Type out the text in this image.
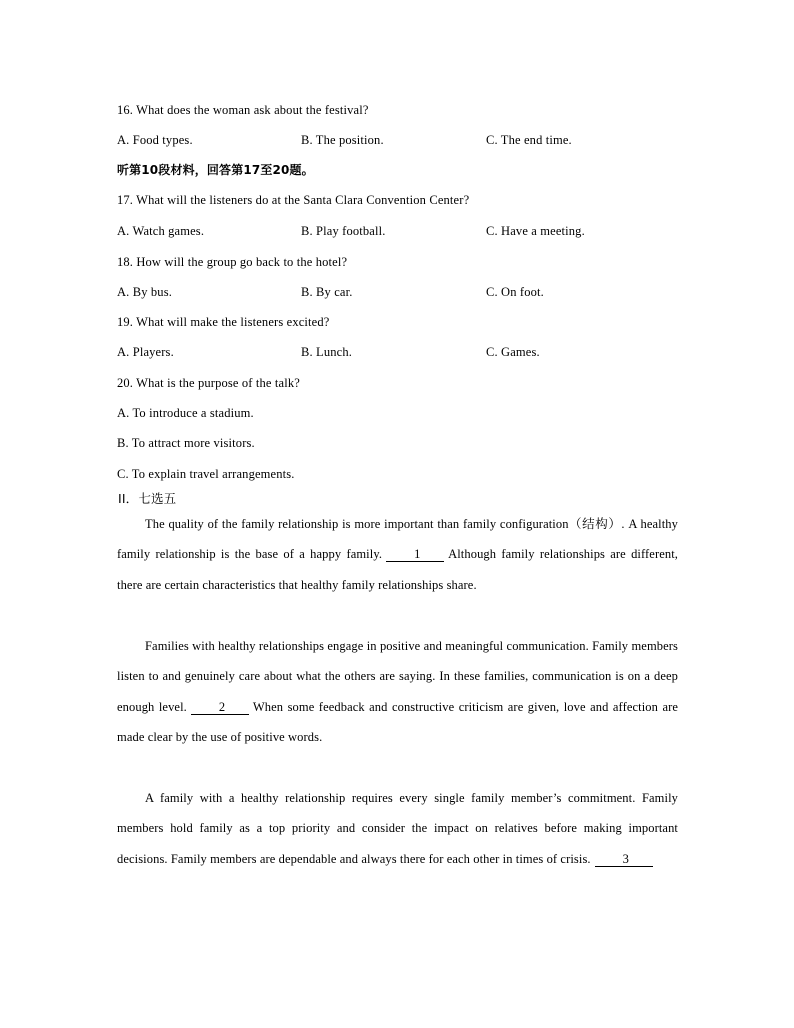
16. What does the woman ask about the festival?
A. Food types.	B. The position.	C. The end time.
听第10段材料，回答第17至20题。
17. What will the listeners do at the Santa Clara Convention Center?
A. Watch games.	B. Play football.	C. Have a meeting.
18. How will the group go back to the hotel?
A. By bus.	B. By car.	C. On foot.
19. What will make the listeners excited?
A. Players.	B. Lunch.	C. Games.
20. What is the purpose of the talk?
A. To introduce a stadium.
B. To attract more visitors.
C. To explain travel arrangements.
II．七选五
The quality of the family relationship is more important than family configuration（结构）. A healthy family relationship is the base of a happy family.	1 Although family relationships are different, there are certain characteristics that healthy family relationships share.
Families with healthy relationships engage in positive and meaningful communication. Family members listen to and genuinely care about what the others are saying. In these families, communication is on a deep enough level.	2 When some feedback and constructive criticism are given, love and affection are made clear by the use of positive words.
A family with a healthy relationship requires every single family member’s commitment. Family members hold family as a top priority and consider the impact on relatives before making important decisions. Family members are dependable and always there for each other in times of crisis.	3
